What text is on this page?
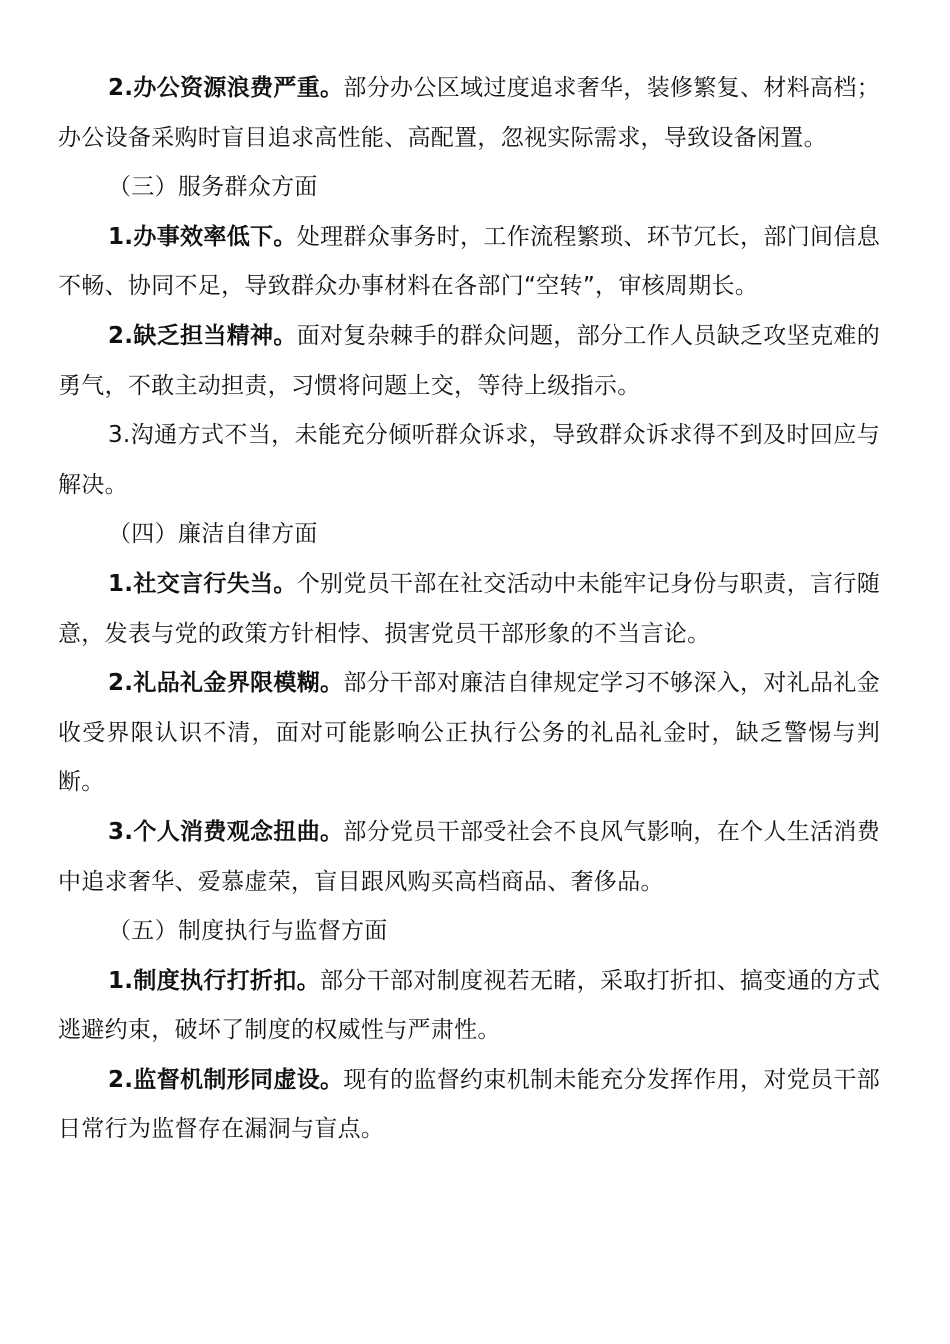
2.办公资源浪费严重。部分办公区域过度追求奢华，装修繁复、材料高档；办公设备采购时盲目追求高性能、高配置，忽视实际需求，导致设备闲置。

（三）服务群众方面

1.办事效率低下。处理群众事务时，工作流程繁琐、环节冗长，部门间信息不畅、协同不足，导致群众办事材料在各部门“空转”，审核周期长。

2.缺乏担当精神。面对复杂棘手的群众问题，部分工作人员缺乏攻坚克难的勇气，不敢主动担责，习惯将问题上交，等待上级指示。

3.沟通方式不当，未能充分倾听群众诉求，导致群众诉求得不到及时回应与解决。

（四）廉洁自律方面

1.社交言行失当。个别党员干部在社交活动中未能牢记身份与职责，言行随意，发表与党的政策方针相悖、损害党员干部形象的不当言论。

2.礼品礼金界限模糊。部分干部对廉洁自律规定学习不够深入，对礼品礼金收受界限认识不清，面对可能影响公正执行公务的礼品礼金时，缺乏警惕与判断。

3.个人消费观念扭曲。部分党员干部受社会不良风气影响，在个人生活消费中追求奢华、爱慕虚荣，盲目跟风购买高档商品、奢侈品。

（五）制度执行与监督方面

1.制度执行打折扣。部分干部对制度视若无睹，采取打折扣、搞变通的方式逃避约束，破坏了制度的权威性与严肃性。

2.监督机制形同虚设。现有的监督约束机制未能充分发挥作用，对党员干部日常行为监督存在漏洞与盲点。
